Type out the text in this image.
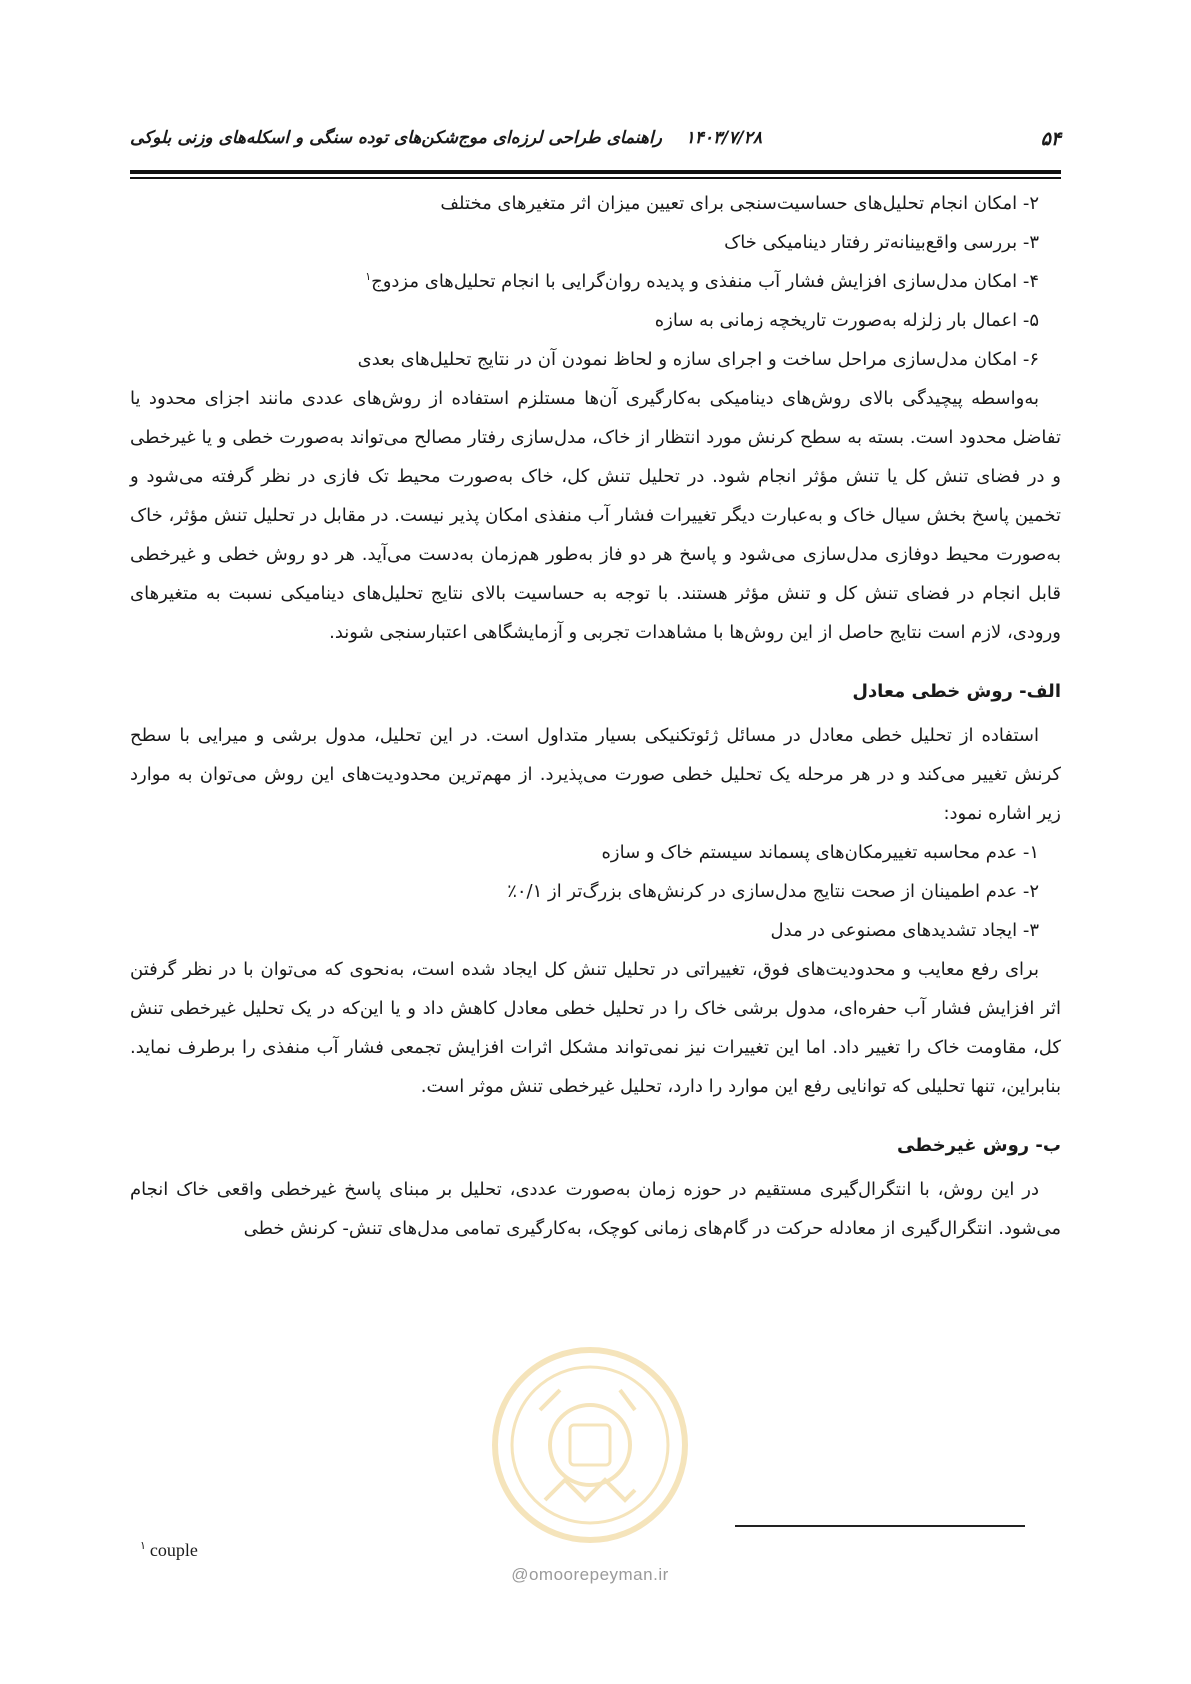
۵۴
۱۴۰۳/۷/۲۸    راهنمای طراحی لرزه‌ای موج‌شکن‌های توده سنگی و اسکله‌های وزنی بلوکی

۲- امکان انجام تحلیل‌های حساسیت‌سنجی برای تعیین میزان اثر متغیرهای مختلف

۳- بررسی واقع‌بینانه‌تر رفتار دینامیکی خاک

۴- امکان مدل‌سازی افزایش فشار آب منفذی و پدیده روان‌گرایی با انجام تحلیل‌های مزدوج$^۱$

۵- اعمال بار زلزله به‌صورت تاریخچه زمانی به سازه

۶- امکان مدل‌سازی مراحل ساخت و اجرای سازه و لحاظ نمودن آن در نتایج تحلیل‌های بعدی

به‌واسطه پیچیدگی بالای روش‌های دینامیکی به‌کارگیری آن‌ها مستلزم استفاده از روش‌های عددی مانند اجزای محدود یا تفاضل محدود است. بسته به سطح کرنش مورد انتظار از خاک، مدل‌سازی رفتار مصالح می‌تواند به‌صورت خطی و یا غیرخطی و در فضای تنش کل یا تنش مؤثر انجام شود. در تحلیل تنش کل، خاک به‌صورت محیط تک فازی در نظر گرفته می‌شود و تخمین پاسخ بخش سیال خاک و به‌عبارت دیگر تغییرات فشار آب منفذی امکان پذیر نیست. در مقابل در تحلیل تنش مؤثر، خاک به‌صورت محیط دوفازی مدل‌سازی می‌شود و پاسخ هر دو فاز به‌طور هم‌زمان به‌دست می‌آید. هر دو روش خطی و غیرخطی قابل انجام در فضای تنش کل و تنش مؤثر هستند. با توجه به حساسیت بالای نتایج تحلیل‌های دینامیکی نسبت به متغیرهای ورودی، لازم است نتایج حاصل از این روش‌ها با مشاهدات تجربی و آزمایشگاهی اعتبارسنجی شوند.

الف- روش خطی معادل

استفاده از تحلیل خطی معادل در مسائل ژئوتکنیکی بسیار متداول است. در این تحلیل، مدول برشی و میرایی با سطح کرنش تغییر می‌کند و در هر مرحله یک تحلیل خطی صورت می‌پذیرد. از مهم‌ترین محدودیت‌های این روش می‌توان به موارد زیر اشاره نمود:

۱- عدم محاسبه تغییرمکان‌های پسماند سیستم خاک و سازه

۲- عدم اطمینان از صحت نتایج مدل‌سازی در کرنش‌های بزرگ‌تر از ۰/۱٪

۳- ایجاد تشدیدهای مصنوعی در مدل

برای رفع معایب و محدودیت‌های فوق، تغییراتی در تحلیل تنش کل ایجاد شده است، به‌نحوی که می‌توان با در نظر گرفتن اثر افزایش فشار آب حفره‌ای، مدول برشی خاک را در تحلیل خطی معادل کاهش داد و یا این‌که در یک تحلیل غیرخطی تنش کل، مقاومت خاک را تغییر داد. اما این تغییرات نیز نمی‌تواند مشکل اثرات افزایش تجمعی فشار آب منفذی را برطرف نماید. بنابراین، تنها تحلیلی که توانایی رفع این موارد را دارد، تحلیل غیرخطی تنش موثر است.

ب- روش غیرخطی

در این روش، با انتگرال‌گیری مستقیم در حوزه زمان به‌صورت عددی، تحلیل بر مبنای پاسخ غیرخطی واقعی خاک انجام می‌شود. انتگرال‌گیری از معادله حرکت در گام‌های زمانی کوچک، به‌کارگیری تمامی مدل‌های تنش- کرنش خطی

$^۱$ couple
@omoorepeyman.ir
